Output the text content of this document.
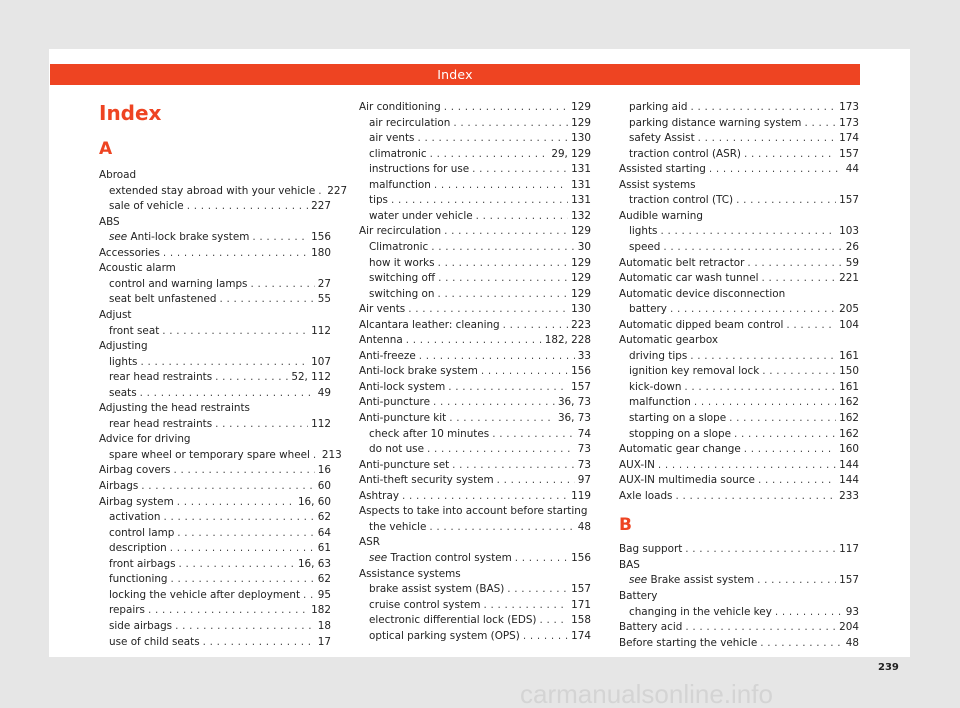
Index
Index
A
Abroad
extended stay abroad with your vehicle . . . 227
sale of vehicle . . .	227
ABS
see Anti-lock brake system . . .	156
Accessories . . .	180
Acoustic alarm
control and warning lamps . . .	27
seat belt unfastened . . .	55
Adjust
front seat . . .	112
Adjusting
lights . . .	107
rear head restraints . . .	52, 112
seats . . .	49
Adjusting the head restraints
rear head restraints . . .	112
Advice for driving
spare wheel or temporary spare wheel . . . 213
Airbag covers . . .	16
Airbags . . .	60
Airbag system . . .	16, 60
activation . . .	62
control lamp . . .	64
description . . .	61
front airbags . . .	16, 63
functioning . . .	62
locking the vehicle after deployment . . . 95
repairs . . .	182
side airbags . . .	18
use of child seats . . .	17
Air conditioning . . .	129
air recirculation . . .	129
air vents . . .	130
climatronic . . .	29, 129
instructions for use . . .	131
malfunction . . .	131
tips . . .	131
water under vehicle . . .	132
Air recirculation . . .	129
Climatronic . . .	30
how it works . . .	129
switching off . . .	129
switching on . . .	129
Air vents . . .	130
Alcantara leather: cleaning . . .	223
Antenna . . .	182, 228
Anti-freeze . . .	33
Anti-lock brake system . . .	156
Anti-lock system . . .	157
Anti-puncture . . .	36, 73
Anti-puncture kit . . .	36, 73
check after 10 minutes . . .	74
do not use . . .	73
Anti-puncture set . . .	73
Anti-theft security system . . .	97
Ashtray . . .	119
Aspects to take into account before starting
the vehicle . . .	48
ASR
see Traction control system . . .	156
Assistance systems
brake assist system (BAS) . . .	157
cruise control system . . .	171
electronic differential lock (EDS) . . .	158
optical parking system (OPS) . . .	174
parking aid . . .	173
parking distance warning system . . .	173
safety Assist . . .	174
traction control (ASR) . . .	157
Assisted starting . . .	44
Assist systems
traction control (TC) . . .	157
Audible warning
lights . . .	103
speed . . .	26
Automatic belt retractor . . .	59
Automatic car wash tunnel . . .	221
Automatic device disconnection
battery . . .	205
Automatic dipped beam control . . .	104
Automatic gearbox
driving tips . . .	161
ignition key removal lock . . .	150
kick-down . . .	161
malfunction . . .	162
starting on a slope . . .	162
stopping on a slope . . .	162
Automatic gear change . . .	160
AUX-IN . . .	144
AUX-IN multimedia source . . .	144
Axle loads . . .	233
B
Bag support . . .	117
BAS
see Brake assist system . . .	157
Battery
changing in the vehicle key . . .	93
Battery acid . . .	204
Before starting the vehicle . . .	48
239
carmanualsonline.info
